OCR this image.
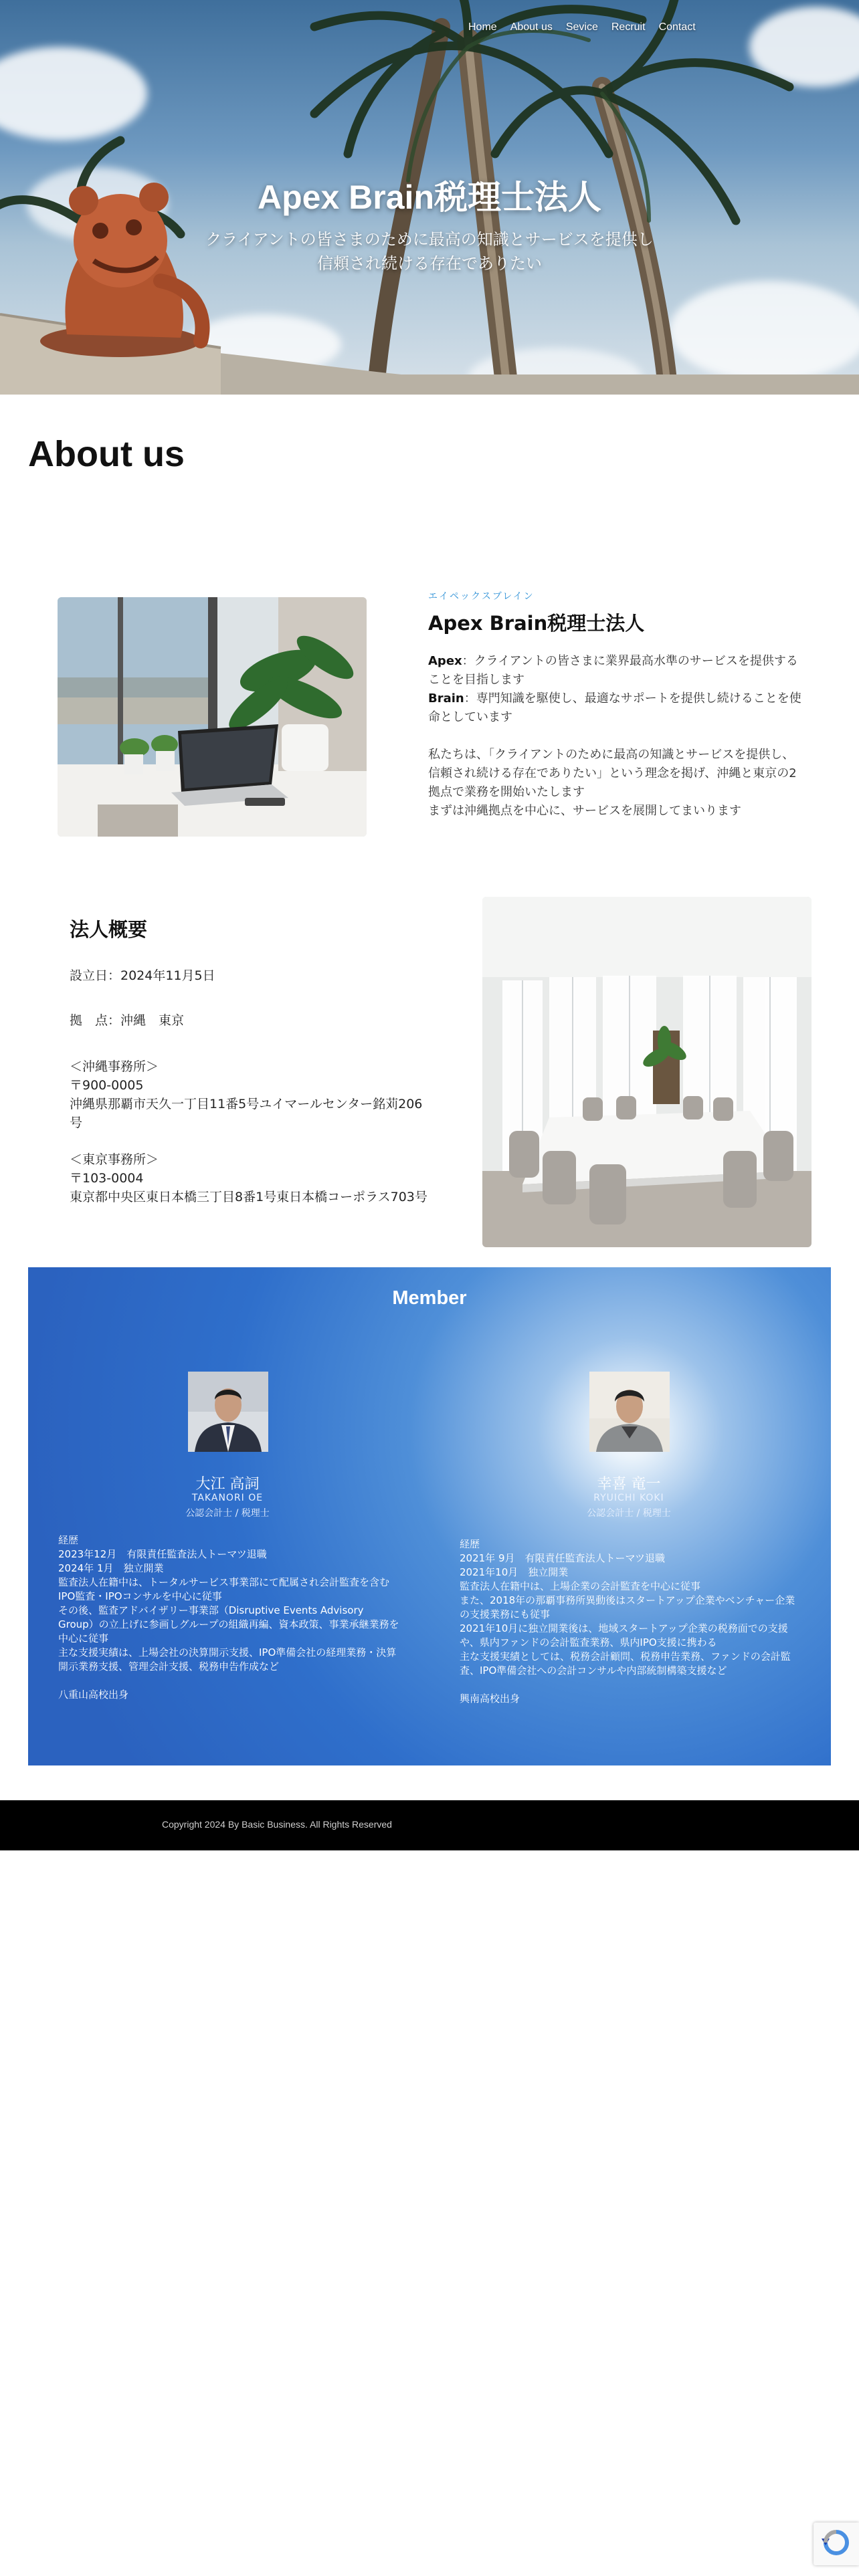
Home About us Sevice Recruit Contact
Apex Brain税理士法人
クライアントの皆さまのために最高の知識とサービスを提供し
信頼され続ける存在でありたい
About us
エイペックスブレイン
Apex Brain税理士法人

Apex：クライアントの皆さまに業界最高水準のサービスを提供することを目指します

Brain：専門知識を駆使し、最適なサポートを提供し続けることを使命としています

私たちは、「クライアントのために最高の知識とサービスを提供し、信頼され続ける存在でありたい」という理念を掲げ、沖縄と東京の2拠点で業務を開始いたします

まずは沖縄拠点を中心に、サービスを展開してまいります

法人概要
設立日：2024年11月5日
拠　点：沖縄　東京
＜沖縄事務所＞
〒900-0005
沖縄県那覇市天久一丁目11番5号ユイマールセンター銘苅206号
＜東京事務所＞
〒103-0004
東京都中央区東日本橋三丁目8番1号東日本橋コーポラス703号
Member
大江 高詞
TAKANORI OE
公認会計士 / 税理士

経歴

2023年12月　有限責任監査法人トーマツ退職

2024年 1月　独立開業

監査法人在籍中は、トータルサービス事業部にて配属され会計監査を含むIPO監査・IPOコンサルを中心に従事

その後、監査アドバイザリー事業部（Disruptive Events Advisory Group）の立上げに参画しグループの組織再編、資本政策、事業承継業務を中心に従事

主な支援実績は、上場会社の決算開示支援、IPO準備会社の経理業務・決算開示業務支援、管理会計支援、税務申告作成など

八重山高校出身

幸喜 竜一
RYUICHI KOKI
公認会計士 / 税理士

経歴

2021年 9月　有限責任監査法人トーマツ退職

2021年10月　独立開業

監査法人在籍中は、上場企業の会計監査を中心に従事

また、2018年の那覇事務所異動後はスタートアップ企業やベンチャー企業の支援業務にも従事

2021年10月に独立開業後は、地域スタートアップ企業の税務面での支援や、県内ファンドの会計監査業務、県内IPO支援に携わる

主な支援実績としては、税務会計顧問、税務申告業務、ファンドの会計監査、IPO準備会社への会計コンサルや内部統制構築支援など

興南高校出身

Copyright 2024 By Basic Business. All Rights Reserved
